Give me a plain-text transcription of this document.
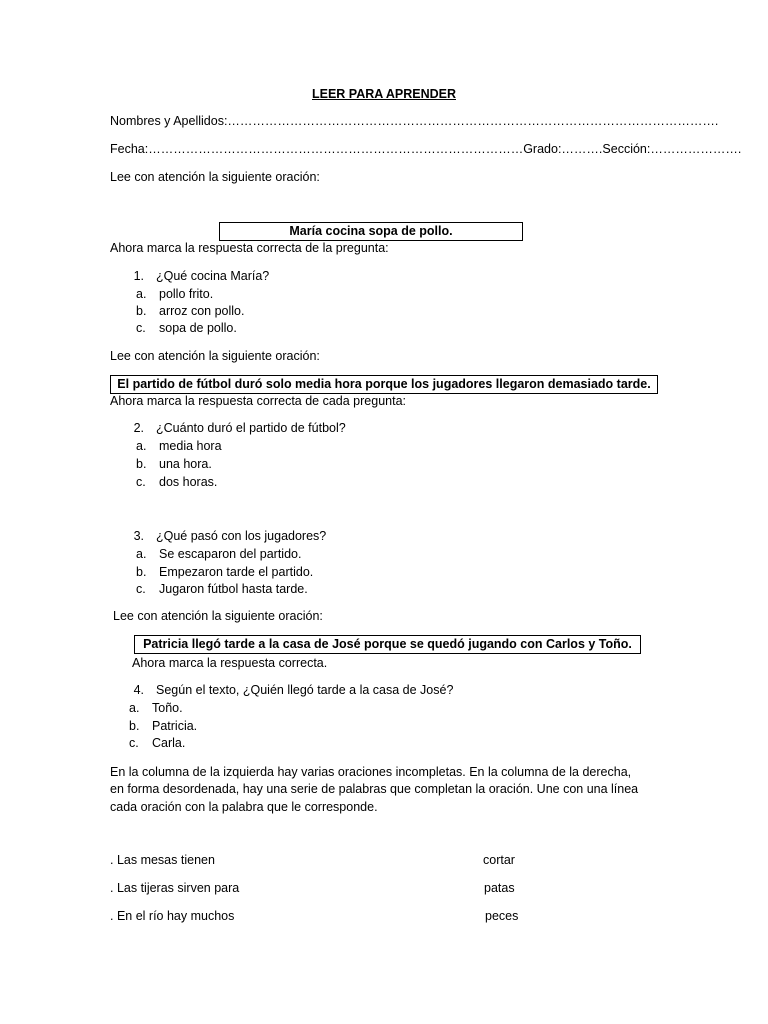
LEER PARA APRENDER
Nombres y Apellidos:……………………………………………………………………………………………………….
Fecha:………………………………………………………………………………Grado:……….Sección:………………….
Lee con atención la siguiente oración:
María cocina sopa de pollo.
Ahora marca la respuesta correcta de la pregunta:
1. ¿Qué cocina María?
a. pollo frito.
b. arroz con pollo.
c. sopa de pollo.
Lee con atención la siguiente oración:
El partido de fútbol duró solo media hora porque los jugadores llegaron demasiado tarde.
Ahora marca la respuesta correcta de cada pregunta:
2. ¿Cuánto duró el partido de fútbol?
a. media hora
b. una hora.
c. dos horas.
3. ¿Qué pasó con los jugadores?
a. Se escaparon del partido.
b. Empezaron tarde el partido.
c. Jugaron fútbol hasta tarde.
Lee con atención la siguiente oración:
Patricia llegó tarde a la casa de José porque se quedó jugando con Carlos y Toño.
Ahora marca la respuesta correcta.
4. Según el texto, ¿Quién llegó tarde a la casa de José?
a. Toño.
b. Patricia.
c. Carla.
En la columna de la izquierda hay varias oraciones incompletas. En la columna de la derecha,
en forma desordenada, hay una serie de palabras que completan la oración. Une con una línea
cada oración con la palabra que le corresponde.
. Las mesas tienen
. Las tijeras sirven para
. En el río hay muchos
cortar
patas
peces
